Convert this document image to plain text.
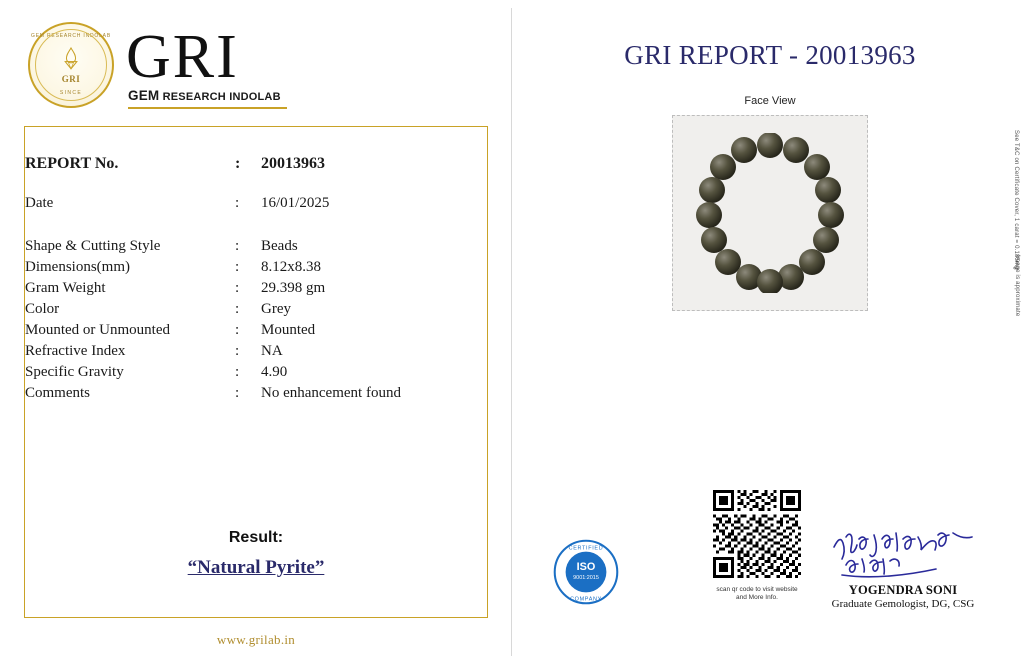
GEM RESEARCH INDOLAB
GRI
SINCE
GRI
GEM RESEARCH INDOLAB
REPORT No.	:	20013963

Date	:	16/01/2025

Shape & Cutting Style	:	Beads
Dimensions(mm)	:	8.12x8.38
Gram Weight	:	29.398 gm
Color	:	Grey
Mounted or Unmounted	:	Mounted
Refractive Index	:	NA
Specific Gravity	:	4.90
Comments	:	No enhancement found
Result:
“Natural Pyrite”
www.grilab.in
GRI REPORT - 20013963
Face View
See T&C on Certificate Cover, 1 carat = 0.185mg
Image is approximate
ISO
9001:2015
CERTIFIED
COMPANY
scan qr code to visit website
and More Info.
YOGENDRA SONI
Graduate Gemologist, DG, CSG
